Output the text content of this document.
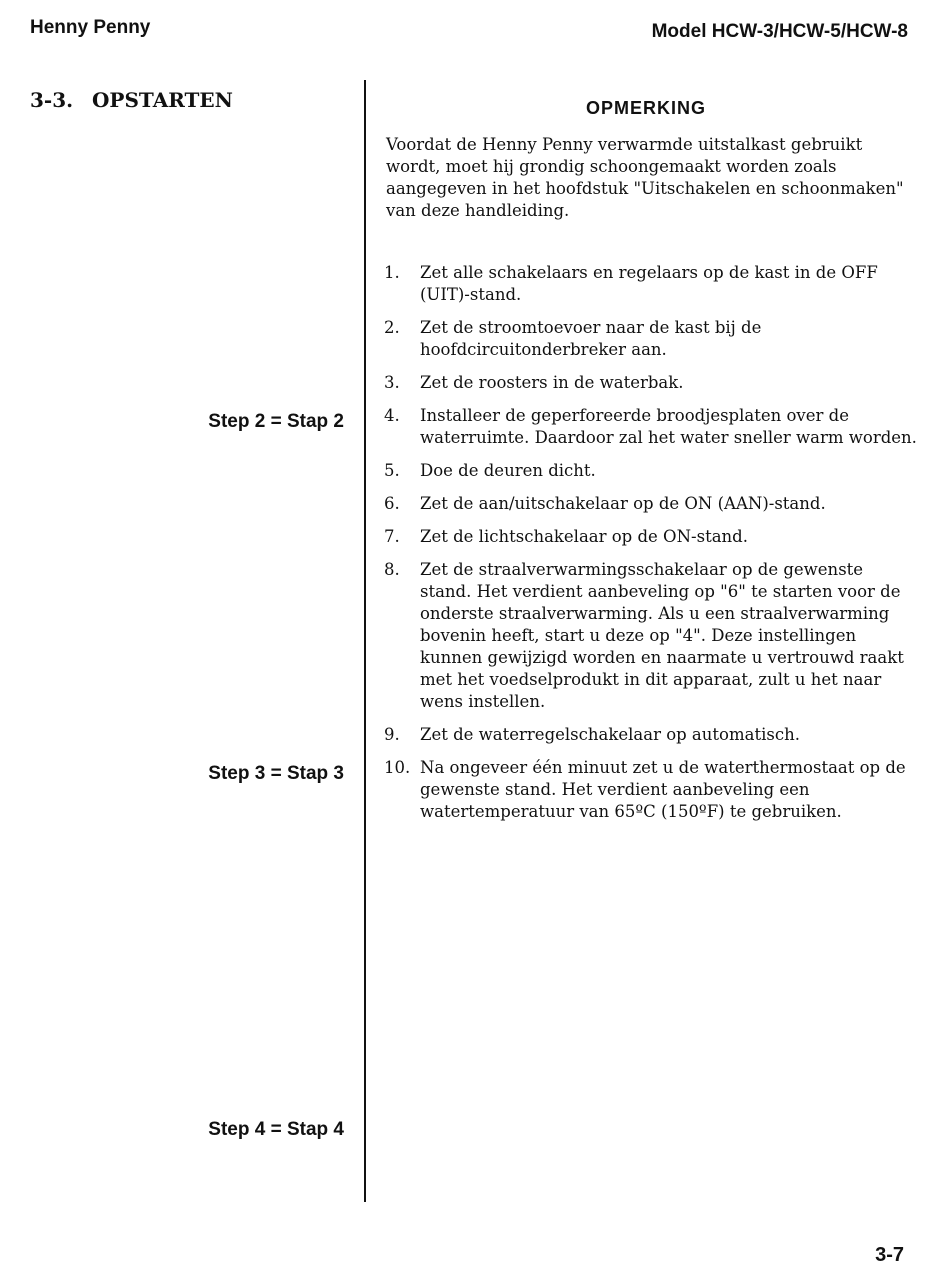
Henny Penny	Model HCW-3/HCW-5/HCW-8
3-3. OPSTARTEN
Step 2 = Stap 2
Step 3 = Stap 3
Step 4 = Stap 4
OPMERKING
Voordat de Henny Penny verwarmde uitstalkast gebruikt wordt, moet hij grondig schoongemaakt worden zoals aangegeven in het hoofdstuk "Uitschakelen en schoonmaken" van deze handleiding.
1.	Zet alle schakelaars en regelaars op de kast in de OFF (UIT)-stand.
2.	Zet de stroomtoevoer naar de kast bij de hoofdcircuitonderbreker aan.
3.	Zet de roosters in de waterbak.
4.	Installeer de geperforeerde broodjesplaten over de waterruimte. Daardoor zal het water sneller warm worden.
5.	Doe de deuren dicht.
6.	Zet de aan/uitschakelaar op de ON (AAN)-stand.
7.	Zet de lichtschakelaar op de ON-stand.
8.	Zet de straalverwarmingsschakelaar op de gewenste stand. Het verdient aanbeveling op "6" te starten voor de onderste straalverwarming. Als u een straalverwarming bovenin heeft, start u deze op "4". Deze instellingen kunnen gewijzigd worden en naarmate u vertrouwd raakt met het voedselprodukt in dit apparaat, zult u het naar wens instellen.
9.	Zet de waterregelschakelaar op automatisch.
10. Na ongeveer één minuut zet u de waterthermostaat op de gewenste stand. Het verdient aanbeveling een watertemperatuur van 65ºC (150ºF) te gebruiken.
3-7
